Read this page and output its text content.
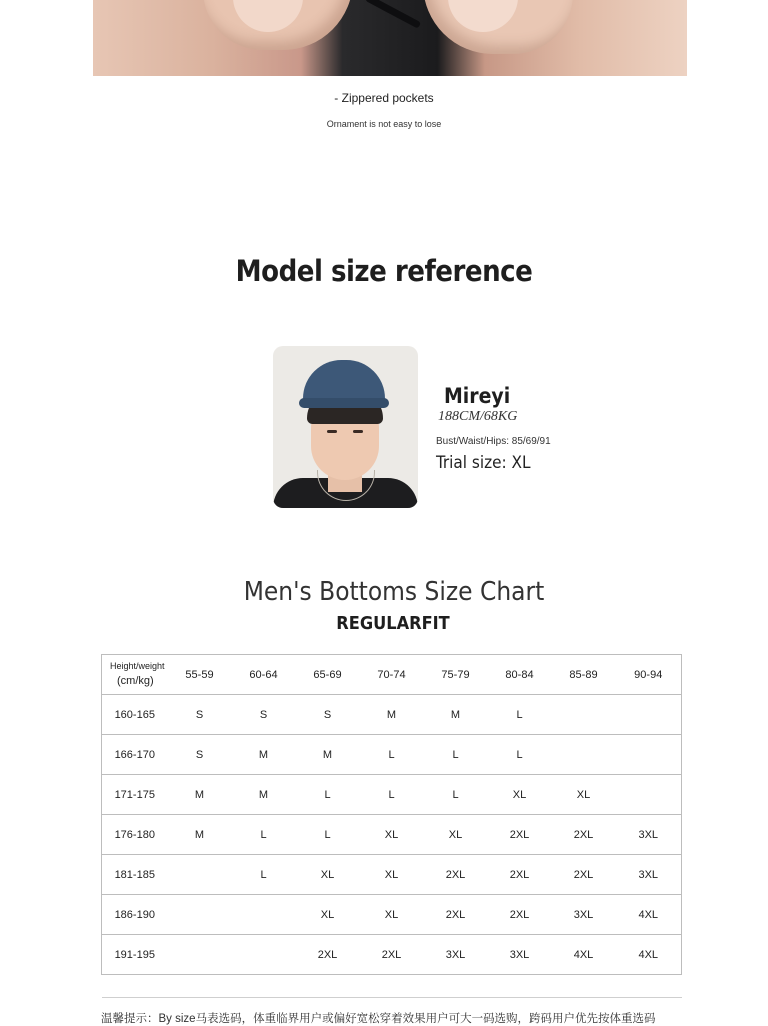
- Zippered pockets
Ornament is not easy to lose
Model size reference
Mireyi
188CM/68KG
Bust/Waist/Hips: 85/69/91
Trial size: XL
Men's Bottoms Size Chart
REGULARFIT
Height/weight
(cm/kg)	55-59	60-64	65-69	70-74	75-79	80-84	85-89	90-94
160-165	S	S	S	M	M	L		
166-170	S	M	M	L	L	L		
171-175	M	M	L	L	L	XL	XL	
176-180	M	L	L	XL	XL	2XL	2XL	3XL
181-185		L	XL	XL	2XL	2XL	2XL	3XL
186-190			XL	XL	2XL	2XL	3XL	4XL
191-195			2XL	2XL	3XL	3XL	4XL	4XL
温馨提示：By size马表选码，体重临界用户或偏好宽松穿着效果用户可大一码选购，跨码用户优先按体重选码
